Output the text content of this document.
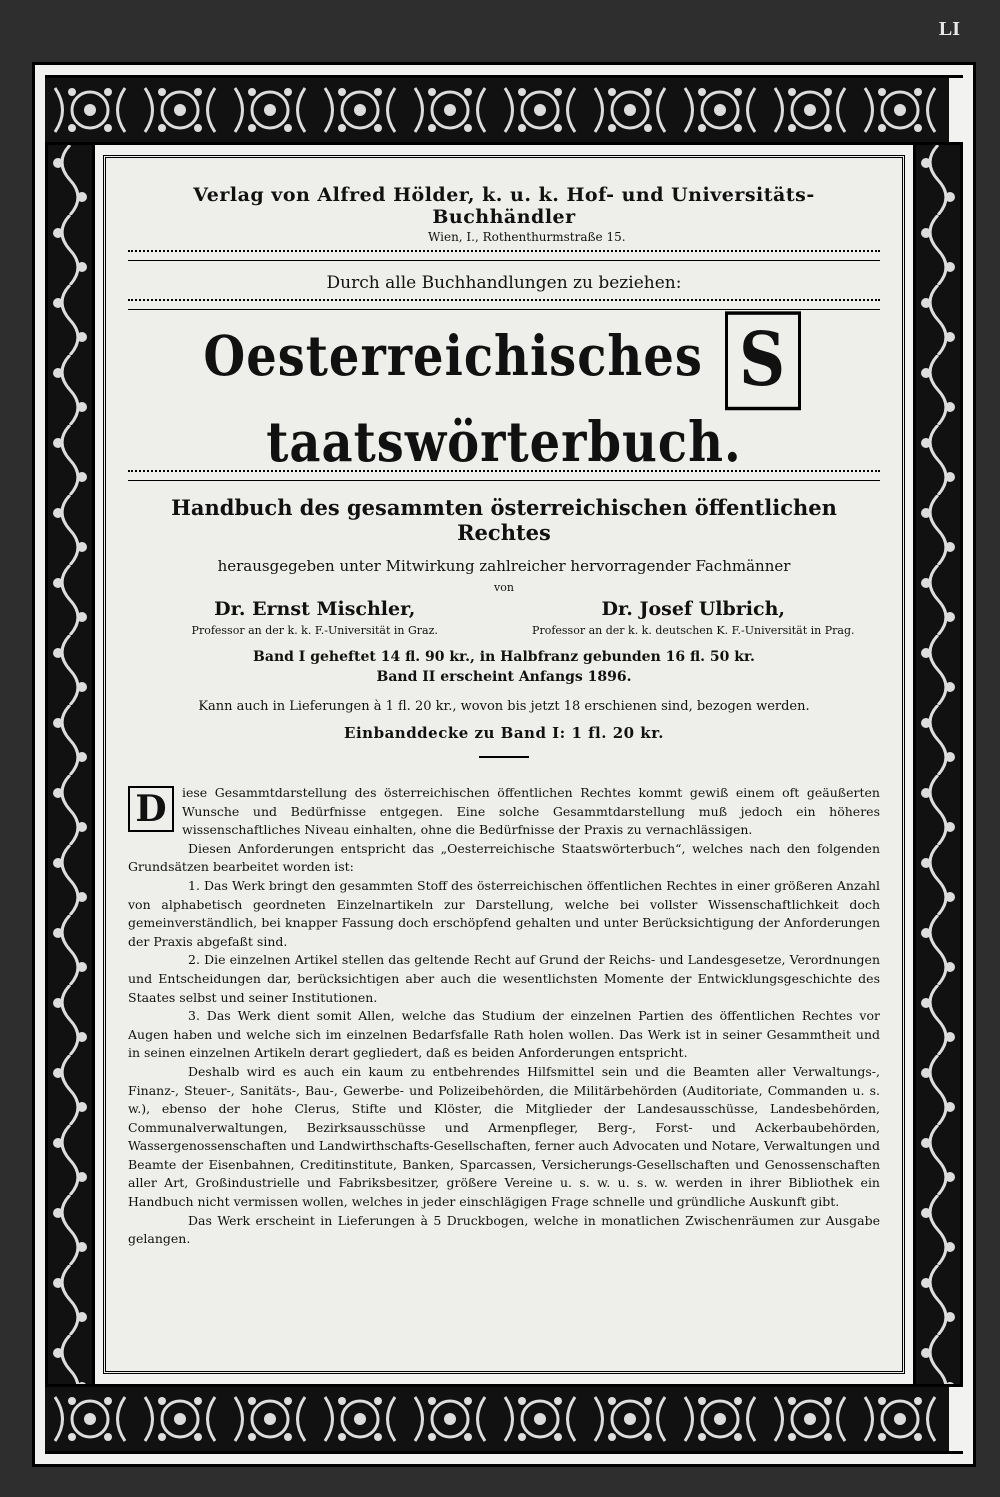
LI
Verlag von Alfred Hölder, k. u. k. Hof- und Universitäts-Buchhändler
Wien, I., Rothenthurmstraße 15.
Durch alle Buchhandlungen zu beziehen:
Oesterreichisches Staatswörterbuch.
Handbuch des gesammten österreichischen öffentlichen Rechtes
herausgegeben unter Mitwirkung zahlreicher hervorragender Fachmänner
von
Dr. Ernst Mischler,
Professor an der k. k. F.-Universität in Graz.
Dr. Josef Ulbrich,
Professor an der k. k. deutschen K. F.-Universität in Prag.
Band I geheftet 14 fl. 90 kr., in Halbfranz gebunden 16 fl. 50 kr.
Band II erscheint Anfangs 1896.
Kann auch in Lieferungen à 1 fl. 20 kr., wovon bis jetzt 18 erschienen sind, bezogen werden.
Einbanddecke zu Band I: 1 fl. 20 kr.

D	iese Gesammtdarstellung des österreichischen öffentlichen Rechtes kommt gewiß einem oft geäußerten Wunsche und Bedürfnisse entgegen. Eine solche Gesammtdarstellung muß jedoch ein höheres wissenschaftliches Niveau einhalten, ohne die Bedürfnisse der Praxis zu vernachlässigen.

Diesen Anforderungen entspricht das „Oesterreichische Staatswörterbuch“, welches nach den folgenden Grundsätzen bearbeitet worden ist:

1. Das Werk bringt den gesammten Stoff des österreichischen öffentlichen Rechtes in einer größeren Anzahl von alphabetisch geordneten Einzelnartikeln zur Darstellung, welche bei vollster Wissenschaftlichkeit doch gemeinverständlich, bei knapper Fassung doch erschöpfend gehalten und unter Berücksichtigung der Anforderungen der Praxis abgefaßt sind.

2. Die einzelnen Artikel stellen das geltende Recht auf Grund der Reichs- und Landesgesetze, Verordnungen und Entscheidungen dar, berücksichtigen aber auch die wesentlichsten Momente der Entwicklungsgeschichte des Staates selbst und seiner Institutionen.

3. Das Werk dient somit Allen, welche das Studium der einzelnen Partien des öffentlichen Rechtes vor Augen haben und welche sich im einzelnen Bedarfsfalle Rath holen wollen. Das Werk ist in seiner Gesammtheit und in seinen einzelnen Artikeln derart gegliedert, daß es beiden Anforderungen entspricht.

Deshalb wird es auch ein kaum zu entbehrendes Hilfsmittel sein und die Beamten aller Verwaltungs-, Finanz-, Steuer-, Sanitäts-, Bau-, Gewerbe- und Polizeibehörden, die Militärbehörden (Auditoriate, Commanden u. s. w.), ebenso der hohe Clerus, Stifte und Klöster, die Mitglieder der Landesausschüsse, Landesbehörden, Communalverwaltungen, Bezirksausschüsse und Armenpfleger, Berg-, Forst- und Ackerbaubehörden, Wassergenossenschaften und Landwirthschafts-Gesellschaften, ferner auch Advocaten und Notare, Verwaltungen und Beamte der Eisenbahnen, Creditinstitute, Banken, Sparcassen, Versicherungs-Gesellschaften und Genossenschaften aller Art, Großindustrielle und Fabriksbesitzer, größere Vereine u. s. w. u. s. w. werden in ihrer Bibliothek ein Handbuch nicht vermissen wollen, welches in jeder einschlägigen Frage schnelle und gründliche Auskunft gibt.

Das Werk erscheint in Lieferungen à 5 Druckbogen, welche in monatlichen Zwischenräumen zur Ausgabe gelangen.
